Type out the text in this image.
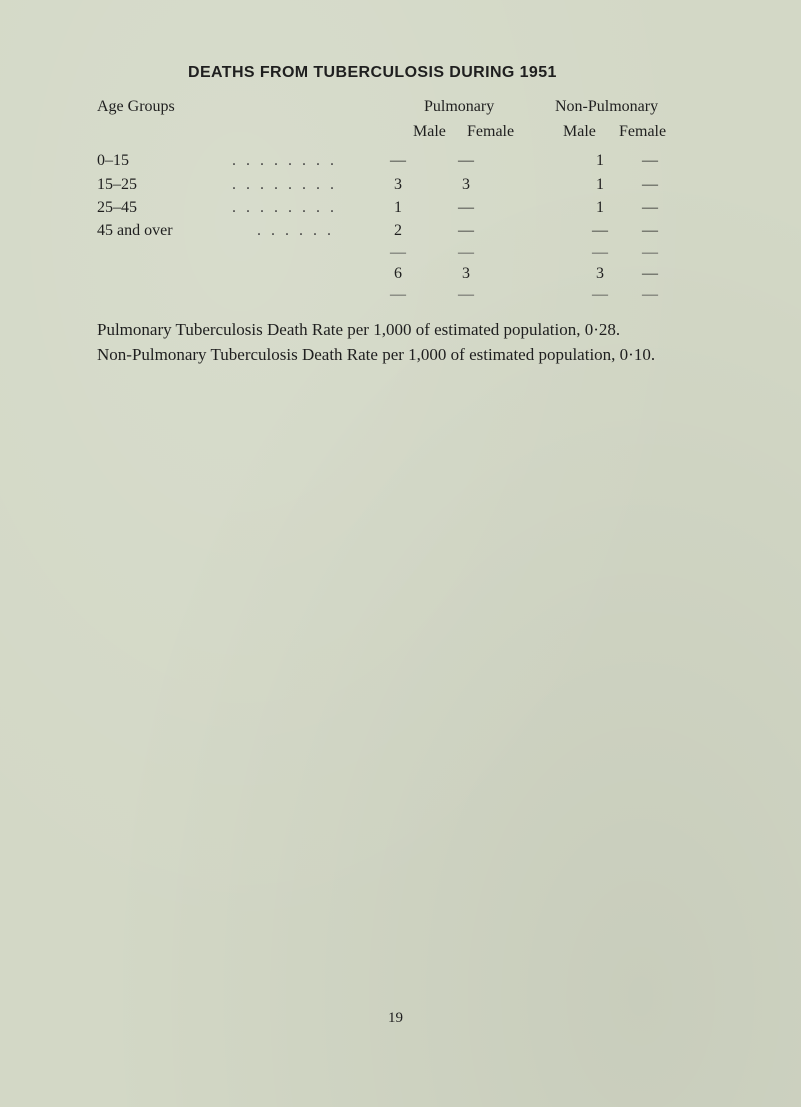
DEATHS FROM TUBERCULOSIS DURING 1951
Age Groups	Pulmonary	Non-Pulmonary
Male Female	Male Female
0–15	. . . . . . . .	—	—	1	—
15–25	. . . . . . . .	3	3	1	—
25–45	. . . . . . . .	1	—	1	—
45 and over	. . . . . .	2	—	—	—
—	—	—	—
6	3	3	—
—	—	—	—
Pulmonary Tuberculosis Death Rate per 1,000 of estimated population, 0·28.
Non-Pulmonary Tuberculosis Death Rate per 1,000 of estimated population, 0·10.
19
